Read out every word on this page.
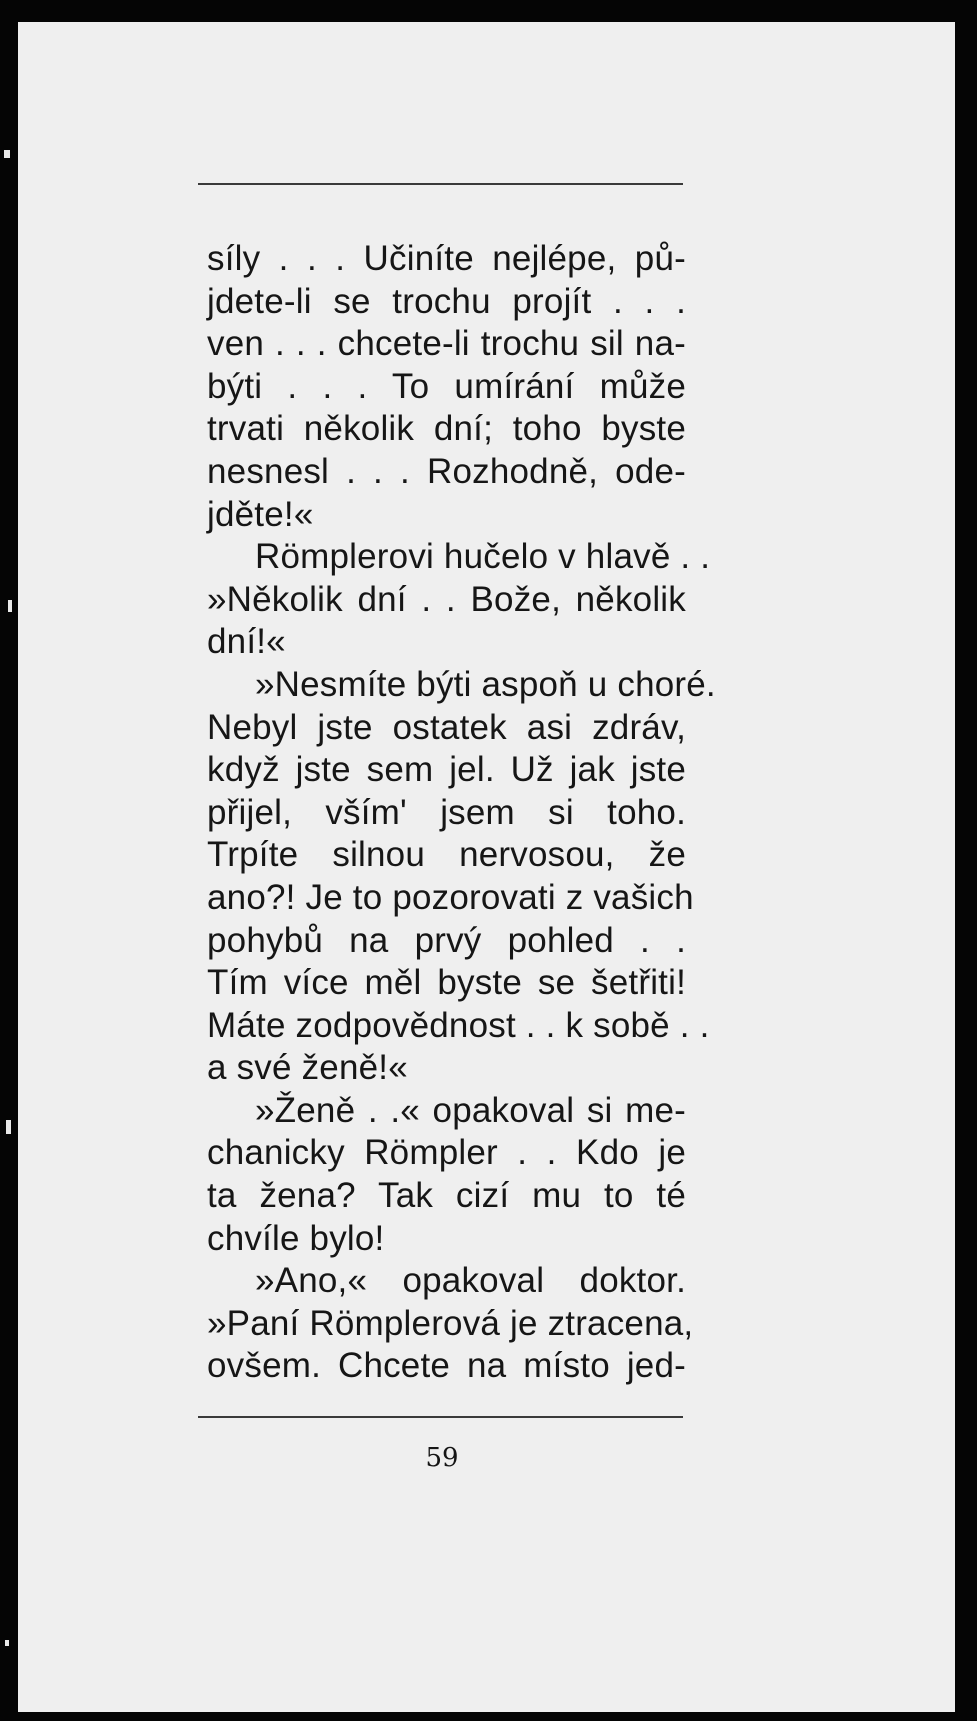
síly . . . Učiníte nejlépe, pů-
jdete-li se trochu projít . . .
ven . . . chcete-li trochu sil na-
býti . . . To umírání může
trvati několik dní; toho byste
nesnesl . . . Rozhodně, ode-
jděte!«
Römplerovi hučelo v hlavě . .
»Několik dní . . Bože, několik
dní!«
»Nesmíte býti aspoň u choré.
Nebyl jste ostatek asi zdráv,
když jste sem jel. Už jak jste
přijel, vším' jsem si toho.
Trpíte silnou nervosou, že
ano?! Je to pozorovati z vašich
pohybů na prvý pohled . .
Tím více měl byste se šetřiti!
Máte zodpovědnost . . k sobě . .
a své ženě!«
»Ženě . .« opakoval si me-
chanicky Römpler . . Kdo je
ta žena? Tak cizí mu to té
chvíle bylo!
»Ano,« opakoval doktor.
»Paní Römplerová je ztracena,
ovšem. Chcete na místo jed-
59
